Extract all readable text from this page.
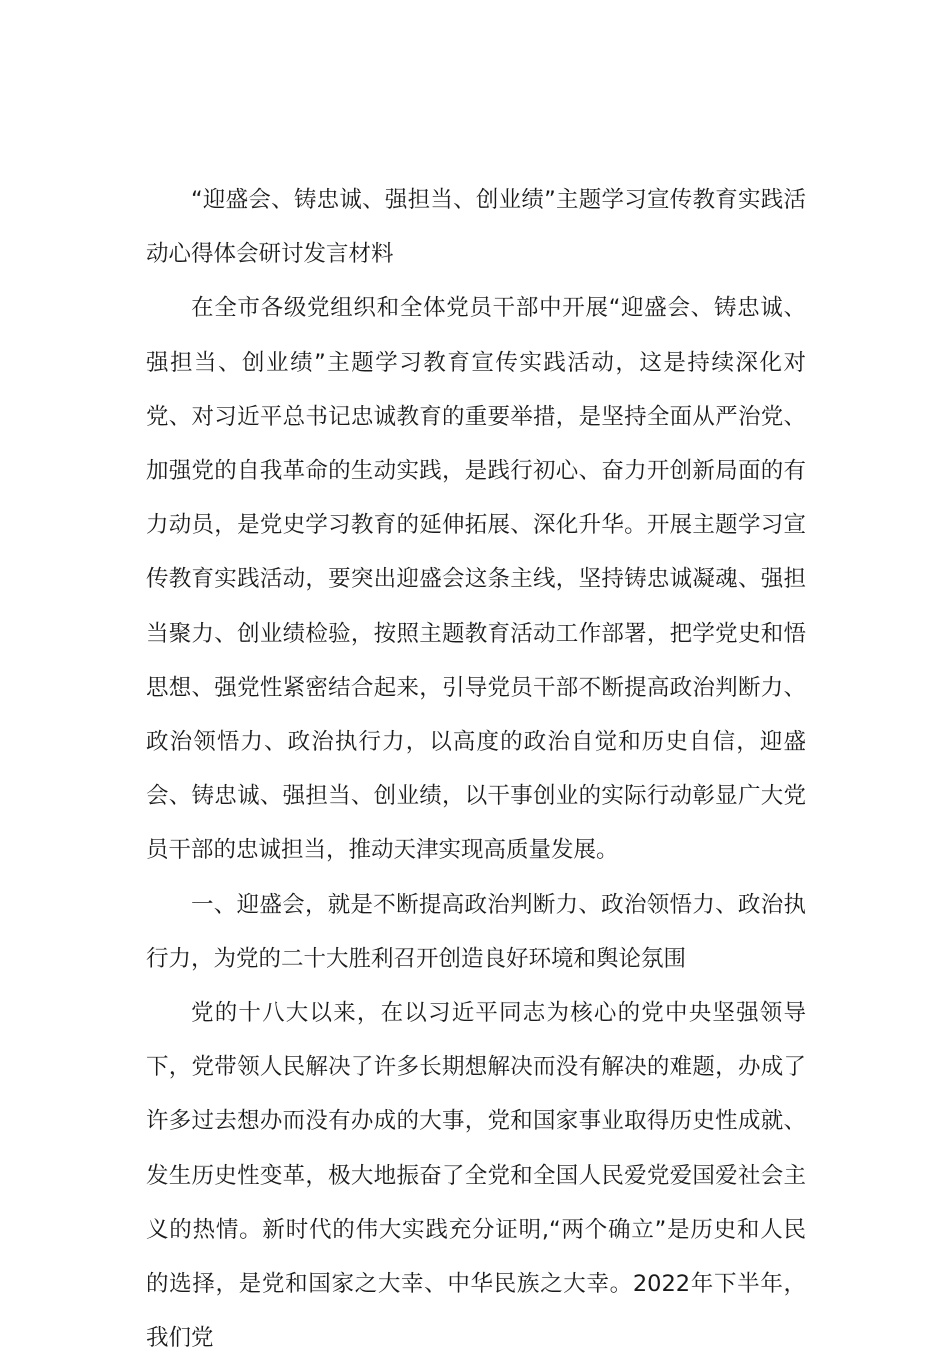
“迎盛会、铸忠诚、强担当、创业绩”主题学习宣传教育实践活动心得体会研讨发言材料

在全市各级党组织和全体党员干部中开展“迎盛会、铸忠诚、强担当、创业绩”主题学习教育宣传实践活动，这是持续深化对党、对习近平总书记忠诚教育的重要举措，是坚持全面从严治党、加强党的自我革命的生动实践，是践行初心、奋力开创新局面的有力动员，是党史学习教育的延伸拓展、深化升华。开展主题学习宣传教育实践活动，要突出迎盛会这条主线，坚持铸忠诚凝魂、强担当聚力、创业绩检验，按照主题教育活动工作部署，把学党史和悟思想、强党性紧密结合起来，引导党员干部不断提高政治判断力、政治领悟力、政治执行力，以高度的政治自觉和历史自信，迎盛会、铸忠诚、强担当、创业绩，以干事创业的实际行动彰显广大党员干部的忠诚担当，推动天津实现高质量发展。

一、迎盛会，就是不断提高政治判断力、政治领悟力、政治执行力，为党的二十大胜利召开创造良好环境和舆论氛围

党的十八大以来，在以习近平同志为核心的党中央坚强领导下，党带领人民解决了许多长期想解决而没有解决的难题，办成了许多过去想办而没有办成的大事，党和国家事业取得历史性成就、发生历史性变革，极大地振奋了全党和全国人民爱党爱国爱社会主义的热情。新时代的伟大实践充分证明,“两个确立”是历史和人民的选择，是党和国家之大幸、中华民族之大幸。2022年下半年，我们党
